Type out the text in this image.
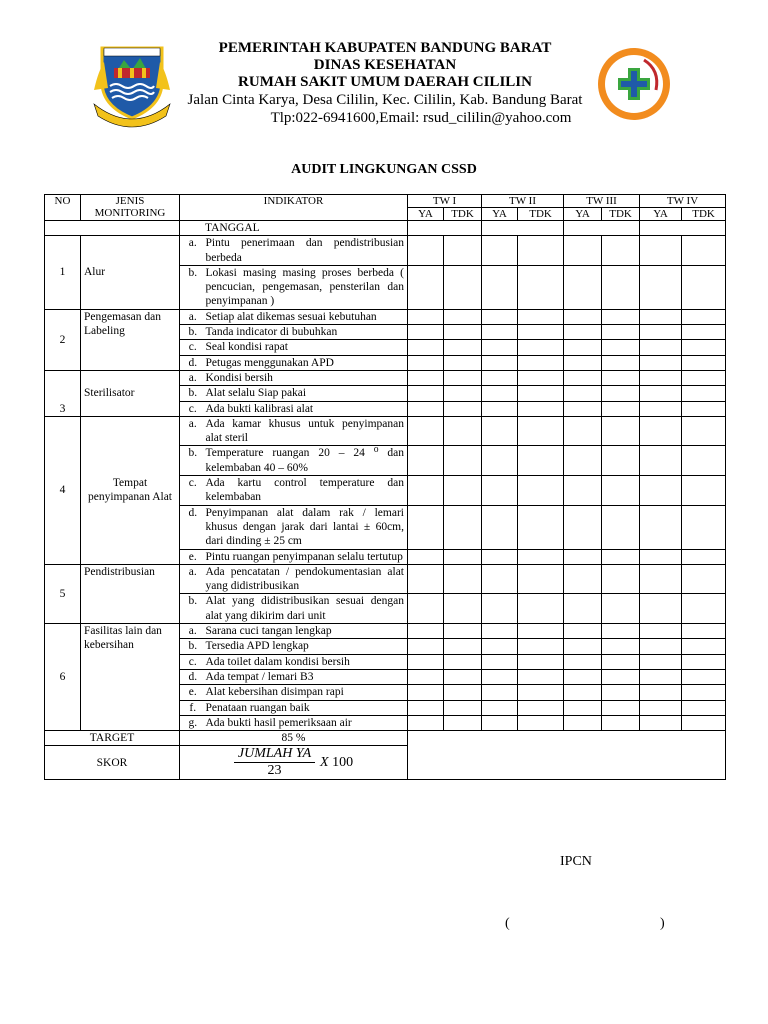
PEMERINTAH KABUPATEN BANDUNG BARAT
DINAS KESEHATAN
RUMAH SAKIT UMUM DAERAH CILILIN
Jalan Cinta Karya, Desa Cililin, Kec. Cililin, Kab. Bandung Barat
Tlp:022-6941600,Email: rsud_cililin@yahoo.com
AUDIT LINGKUNGAN CSSD
NO	JENIS MONITORING	INDIKATOR		TW I		TW II		TW III		TW IV	
				YA	TDK	YA	TDK	YA	TDK	YA	TDK
		TANGGAL									
1	Alur	a.	Pintu penerimaan dan pendistribusian berbeda								
		b.	Lokasi masing masing proses berbeda ( pencucian, pengemasan, pensterilan dan penyimpanan )								
2	Pengemasan dan Labeling	a.	Setiap alat dikemas sesuai kebutuhan								
		b.	Tanda indicator di bubuhkan								
		c.	Seal kondisi rapat								
		d.	Petugas menggunakan APD								
3	Sterilisator	a.	Kondisi bersih								
		b.	Alat selalu Siap pakai								
		c.	Ada bukti kalibrasi alat								
4	Tempat penyimpanan Alat	a.	Ada kamar khusus untuk penyimpanan alat steril								
		b.	Temperature ruangan 20 – 24 ⁰ dan kelembaban 40 – 60%								
		c.	Ada kartu control temperature dan kelembaban								
		d.	Penyimpanan alat dalam rak / lemari khusus dengan jarak dari lantai ± 60cm, dari dinding ± 25 cm								
		e.	Pintu ruangan penyimpanan selalu tertutup								
5	Pendistribusian	a.	Ada pencatatan / pendokumentasian alat yang didistribusikan								
		b.	Alat yang didistribusikan sesuai dengan alat yang dikirim dari unit								
6	Fasilitas lain dan kebersihan	a.	Sarana cuci tangan lengkap								
		b.	Tersedia APD lengkap								
		c.	Ada toilet dalam kondisi bersih								
		d.	Ada tempat / lemari B3								
		e.	Alat kebersihan disimpan rapi								
		f.	Penataan ruangan baik								
		g.	Ada bukti hasil pemeriksaan air								
TARGET		85 %									
SKOR		$\frac{\text{JUMLAH YA}}{23}$ X 100									
IPCN
(	)
